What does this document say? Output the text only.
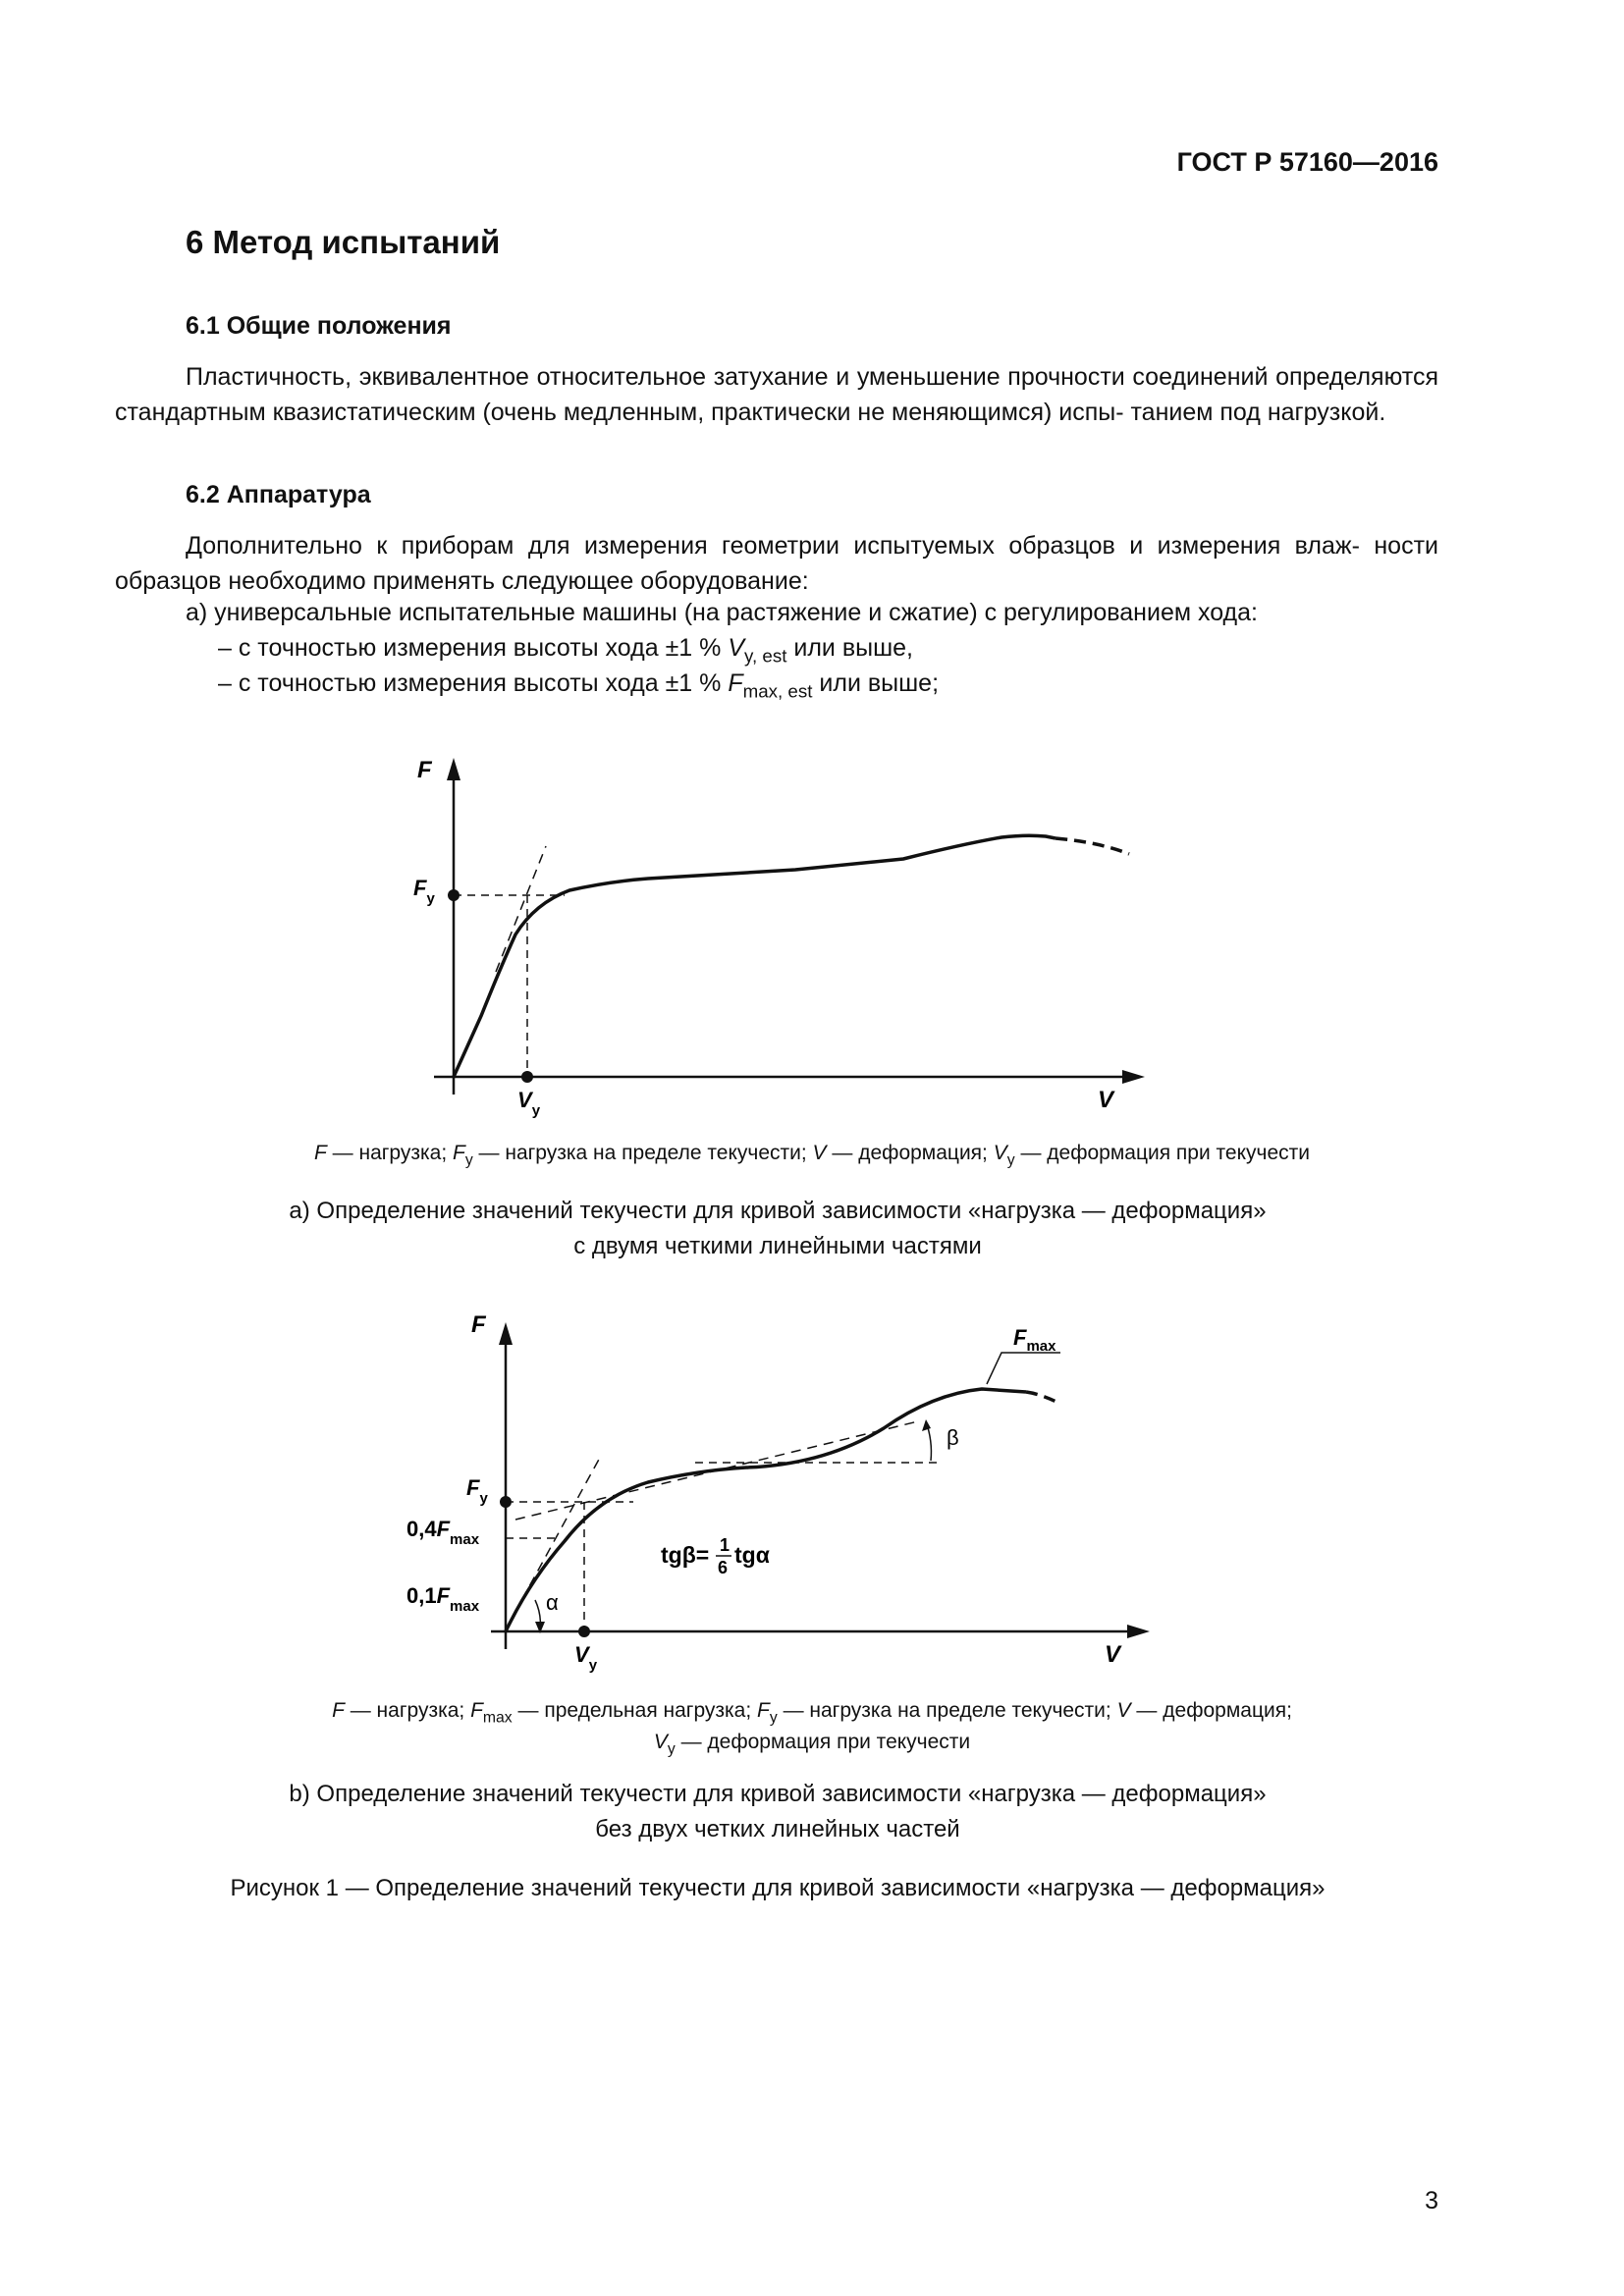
ГОСТ Р 57160—2016
6 Метод испытаний
6.1 Общие положения
Пластичность, эквивалентное относительное затухание и уменьшение прочности соединений определяются стандартным квазистатическим (очень медленным, практически не меняющимся) испы- танием под нагрузкой.
6.2 Аппаратура
Дополнительно к приборам для измерения геометрии испытуемых образцов и измерения влаж- ности образцов необходимо применять следующее оборудование:
а) универсальные испытательные машины (на растяжение и сжатие) с регулированием хода:
– с точностью измерения высоты хода ±1 % $V_{y, est}$ или выше,
– с точностью измерения высоты хода ±1 % $F_{max, est}$ или выше;
F
V
$F_y$
$V_y$
F — нагрузка; $F_y$ — нагрузка на пределе текучести; V — деформация; $V_y$ — деформация при текучести
а) Определение значений текучести для кривой зависимости «нагрузка — деформация»
с двумя четкими линейными частями
F
V
$F_y$
$0,4F_{max}$
$0,1F_{max}$
$V_y$
$F_{max}$
α
β
tgβ= 1
6 tgα
F — нагрузка; $F_{max}$ — предельная нагрузка; $F_y$ — нагрузка на пределе текучести; V — деформация;
$V_y$ — деформация при текучести
b) Определение значений текучести для кривой зависимости «нагрузка — деформация»
без двух четких линейных частей
Рисунок 1 — Определение значений текучести для кривой зависимости «нагрузка — деформация»
3
